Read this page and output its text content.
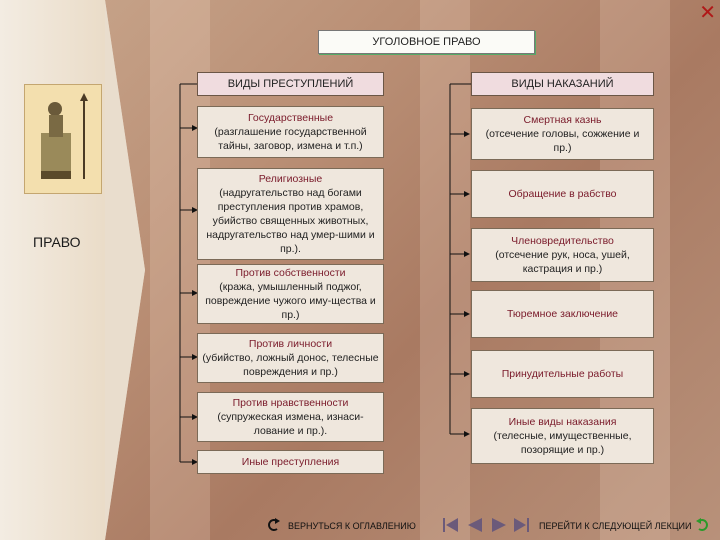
ПРАВО
✕
УГОЛОВНОЕ ПРАВО
ВИДЫ ПРЕСТУПЛЕНИЙ	ВИДЫ НАКАЗАНИЙ
Государственные
(разглашение государственной тайны, заговор, измена и т.п.)
Религиозные
(надругательство над богами преступления против храмов, убийство священных животных, надругательство над умер-шими и пр.).
Против собственности
(кража, умышленный поджог, повреждение чужого иму-щества и пр.)
Против личности
(убийство, ложный донос, телесные повреждения и пр.)
Против нравственности
(супружеская измена, изнаси-лование и пр.).
Иные преступления
Смертная казнь
(отсечение головы, сожжение и пр.)
Обращение в рабство
Членовредительство
(отсечение рук, носа, ушей, кастрация и пр.)
Тюремное заключение
Принудительные работы
Иные виды наказания
(телесные, имущественные, позорящие и пр.)
ВЕРНУТЬСЯ К ОГЛАВЛЕНИЮ	ПЕРЕЙТИ К СЛЕДУЮЩЕЙ ЛЕКЦИИ
